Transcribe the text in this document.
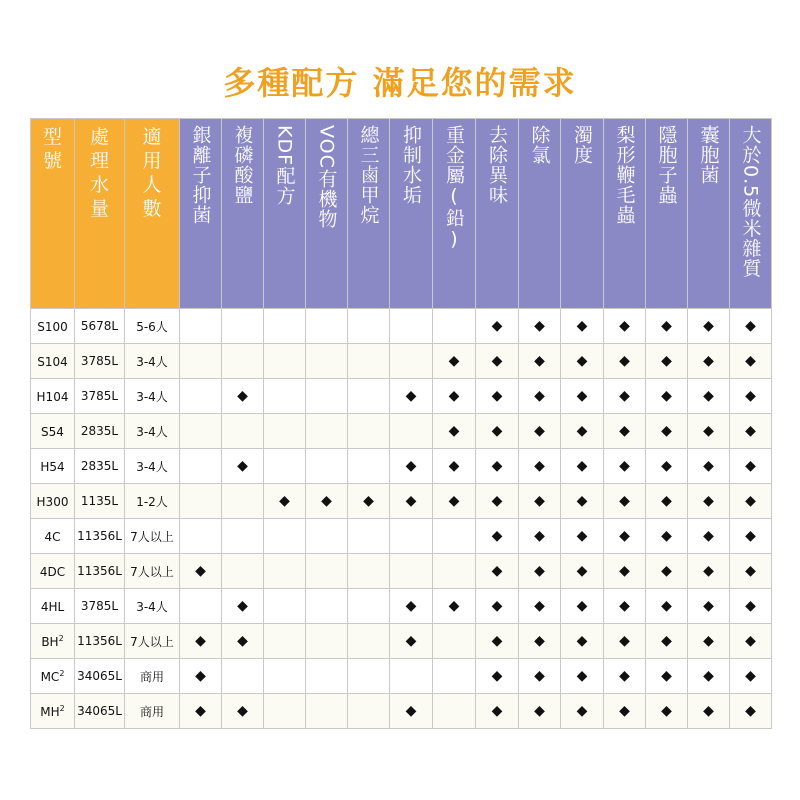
多種配方 滿足您的需求
型號	處理水量	適用人數	銀離子抑菌	複磷酸鹽	KDF配方	VOC有機物	總三鹵甲烷	抑制水垢	重金屬(鉛)	去除異味	除氯	濁度	梨形鞭毛蟲	隱胞子蟲	囊胞菌	大於0.5微米雜質

S100	5678L	5-6人								◆	◆	◆	◆	◆	◆	◆
S104	3785L	3-4人							◆	◆	◆	◆	◆	◆	◆	◆
H104	3785L	3-4人		◆				◆	◆	◆	◆	◆	◆	◆	◆	◆
S54	2835L	3-4人							◆	◆	◆	◆	◆	◆	◆	◆
H54	2835L	3-4人		◆				◆	◆	◆	◆	◆	◆	◆	◆	◆
H300	1135L	1-2人			◆	◆	◆	◆	◆	◆	◆	◆	◆	◆	◆	◆
4C	11356L	7人以上								◆	◆	◆	◆	◆	◆	◆
4DC	11356L	7人以上	◆							◆	◆	◆	◆	◆	◆	◆
4HL	3785L	3-4人		◆				◆	◆	◆	◆	◆	◆	◆	◆	◆
$BH^2$	11356L	7人以上	◆	◆				◆		◆	◆	◆	◆	◆	◆	◆
$MC^2$	34065L	商用	◆							◆	◆	◆	◆	◆	◆	◆
$MH^2$	34065L	商用	◆	◆				◆		◆	◆	◆	◆	◆	◆	◆
